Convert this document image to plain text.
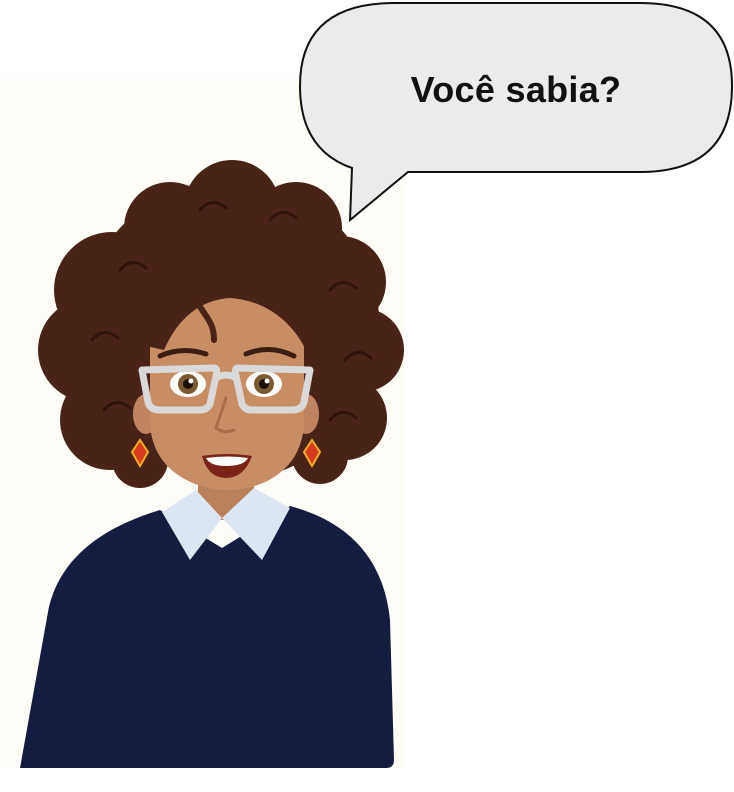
Você sabia?
